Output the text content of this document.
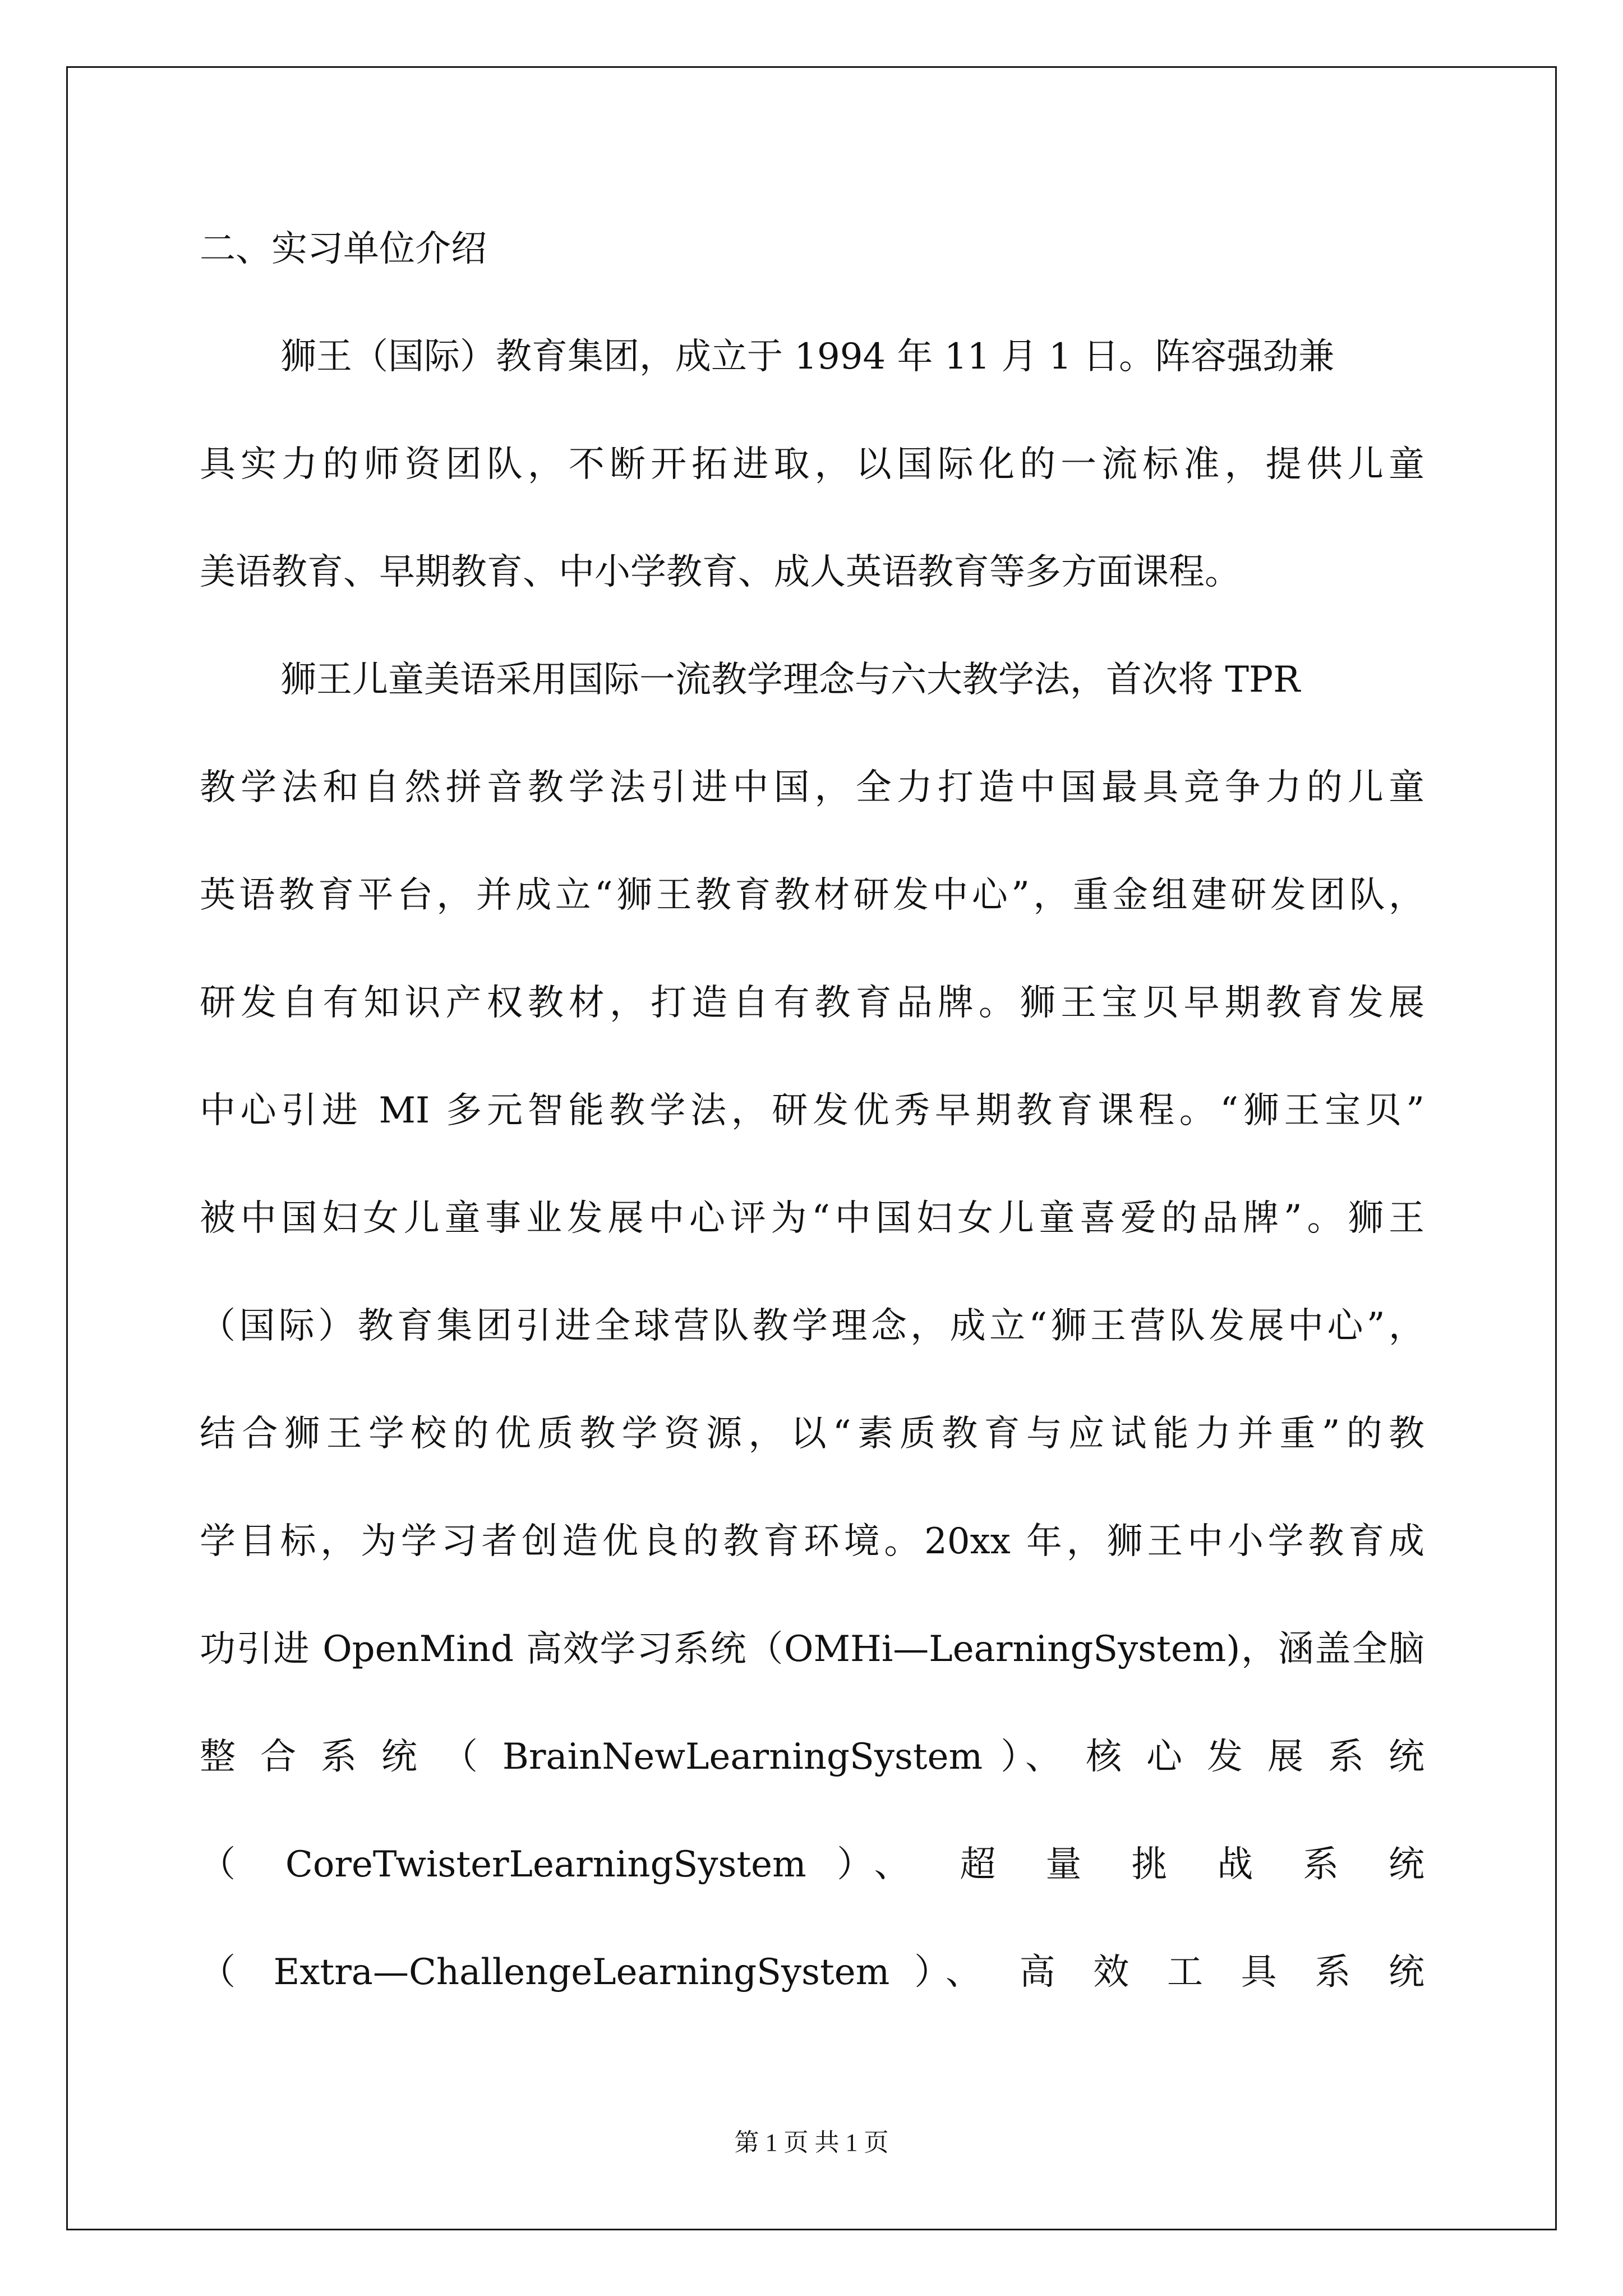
二、实习单位介绍
狮王（国际）教育集团，成立于 1994 年 11 月 1 日。阵容强劲兼
具实力的师资团队，不断开拓进取，以国际化的一流标准，提供儿童
美语教育、早期教育、中小学教育、成人英语教育等多方面课程。
狮王儿童美语采用国际一流教学理念与六大教学法，首次将 TPR
教学法和自然拼音教学法引进中国，全力打造中国最具竞争力的儿童
英语教育平台，并成立“狮王教育教材研发中心”，重金组建研发团队，
研发自有知识产权教材，打造自有教育品牌。狮王宝贝早期教育发展
中心引进 MI 多元智能教学法，研发优秀早期教育课程。“狮王宝贝”
被中国妇女儿童事业发展中心评为“中国妇女儿童喜爱的品牌”。狮王
（国际）教育集团引进全球营队教学理念，成立“狮王营队发展中心”，
结合狮王学校的优质教学资源，以“素质教育与应试能力并重”的教
学目标，为学习者创造优良的教育环境。20xx 年，狮王中小学教育成
功引进 OpenMind 高效学习系统（OMHi—LearningSystem)，涵盖全脑
整 合 系 统 （ BrainNewLearningSystem ）、 核 心 发 展 系 统
（ CoreTwisterLearningSystem ）、 超 量 挑 战 系 统
（ Extra—ChallengeLearningSystem ）、 高 效 工 具 系 统
第 1 页 共 1 页
